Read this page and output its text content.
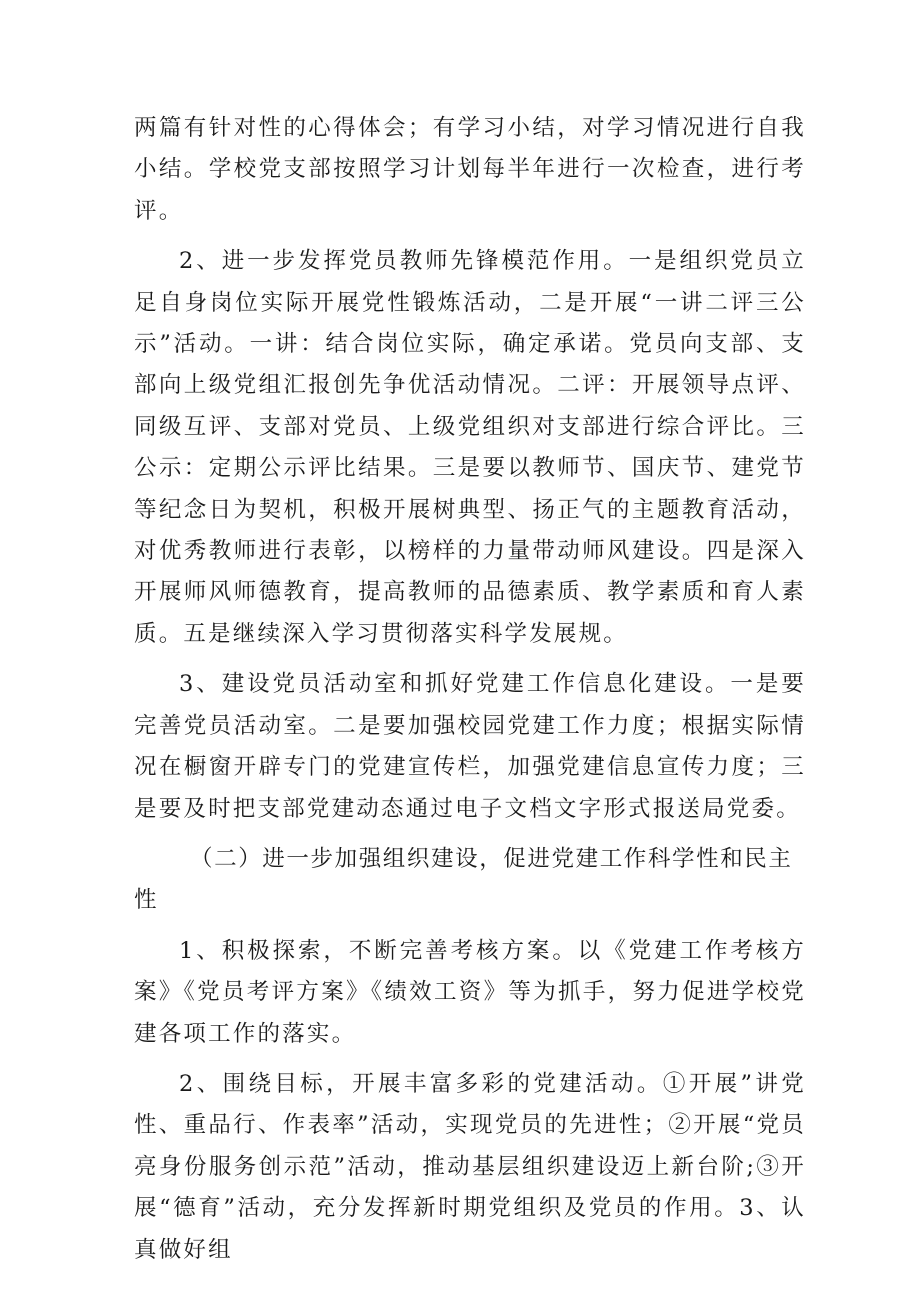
两篇有针对性的心得体会；有学习小结，对学习情况进行自我小结。学校党支部按照学习计划每半年进行一次检查，进行考评。

2、进一步发挥党员教师先锋模范作用。一是组织党员立足自身岗位实际开展党性锻炼活动，二是开展“一讲二评三公示”活动。一讲：结合岗位实际，确定承诺。党员向支部、支部向上级党组汇报创先争优活动情况。二评：开展领导点评、同级互评、支部对党员、上级党组织对支部进行综合评比。三公示：定期公示评比结果。三是要以教师节、国庆节、建党节等纪念日为契机，积极开展树典型、扬正气的主题教育活动，对优秀教师进行表彰，以榜样的力量带动师风建设。四是深入开展师风师德教育，提高教师的品德素质、教学素质和育人素质。五是继续深入学习贯彻落实科学发展规。

3、建设党员活动室和抓好党建工作信息化建设。一是要完善党员活动室。二是要加强校园党建工作力度；根据实际情况在橱窗开辟专门的党建宣传栏，加强党建信息宣传力度；三是要及时把支部党建动态通过电子文档文字形式报送局党委。

（二）进一步加强组织建设，促进党建工作科学性和民主性

1、积极探索，不断完善考核方案。以《党建工作考核方案》《党员考评方案》《绩效工资》等为抓手，努力促进学校党建各项工作的落实。

2、围绕目标，开展丰富多彩的党建活动。①开展”讲党性、重品行、作表率”活动，实现党员的先进性；②开展“党员亮身份服务创示范”活动，推动基层组织建设迈上新台阶;③开展“德育”活动，充分发挥新时期党组织及党员的作用。3、认真做好组
